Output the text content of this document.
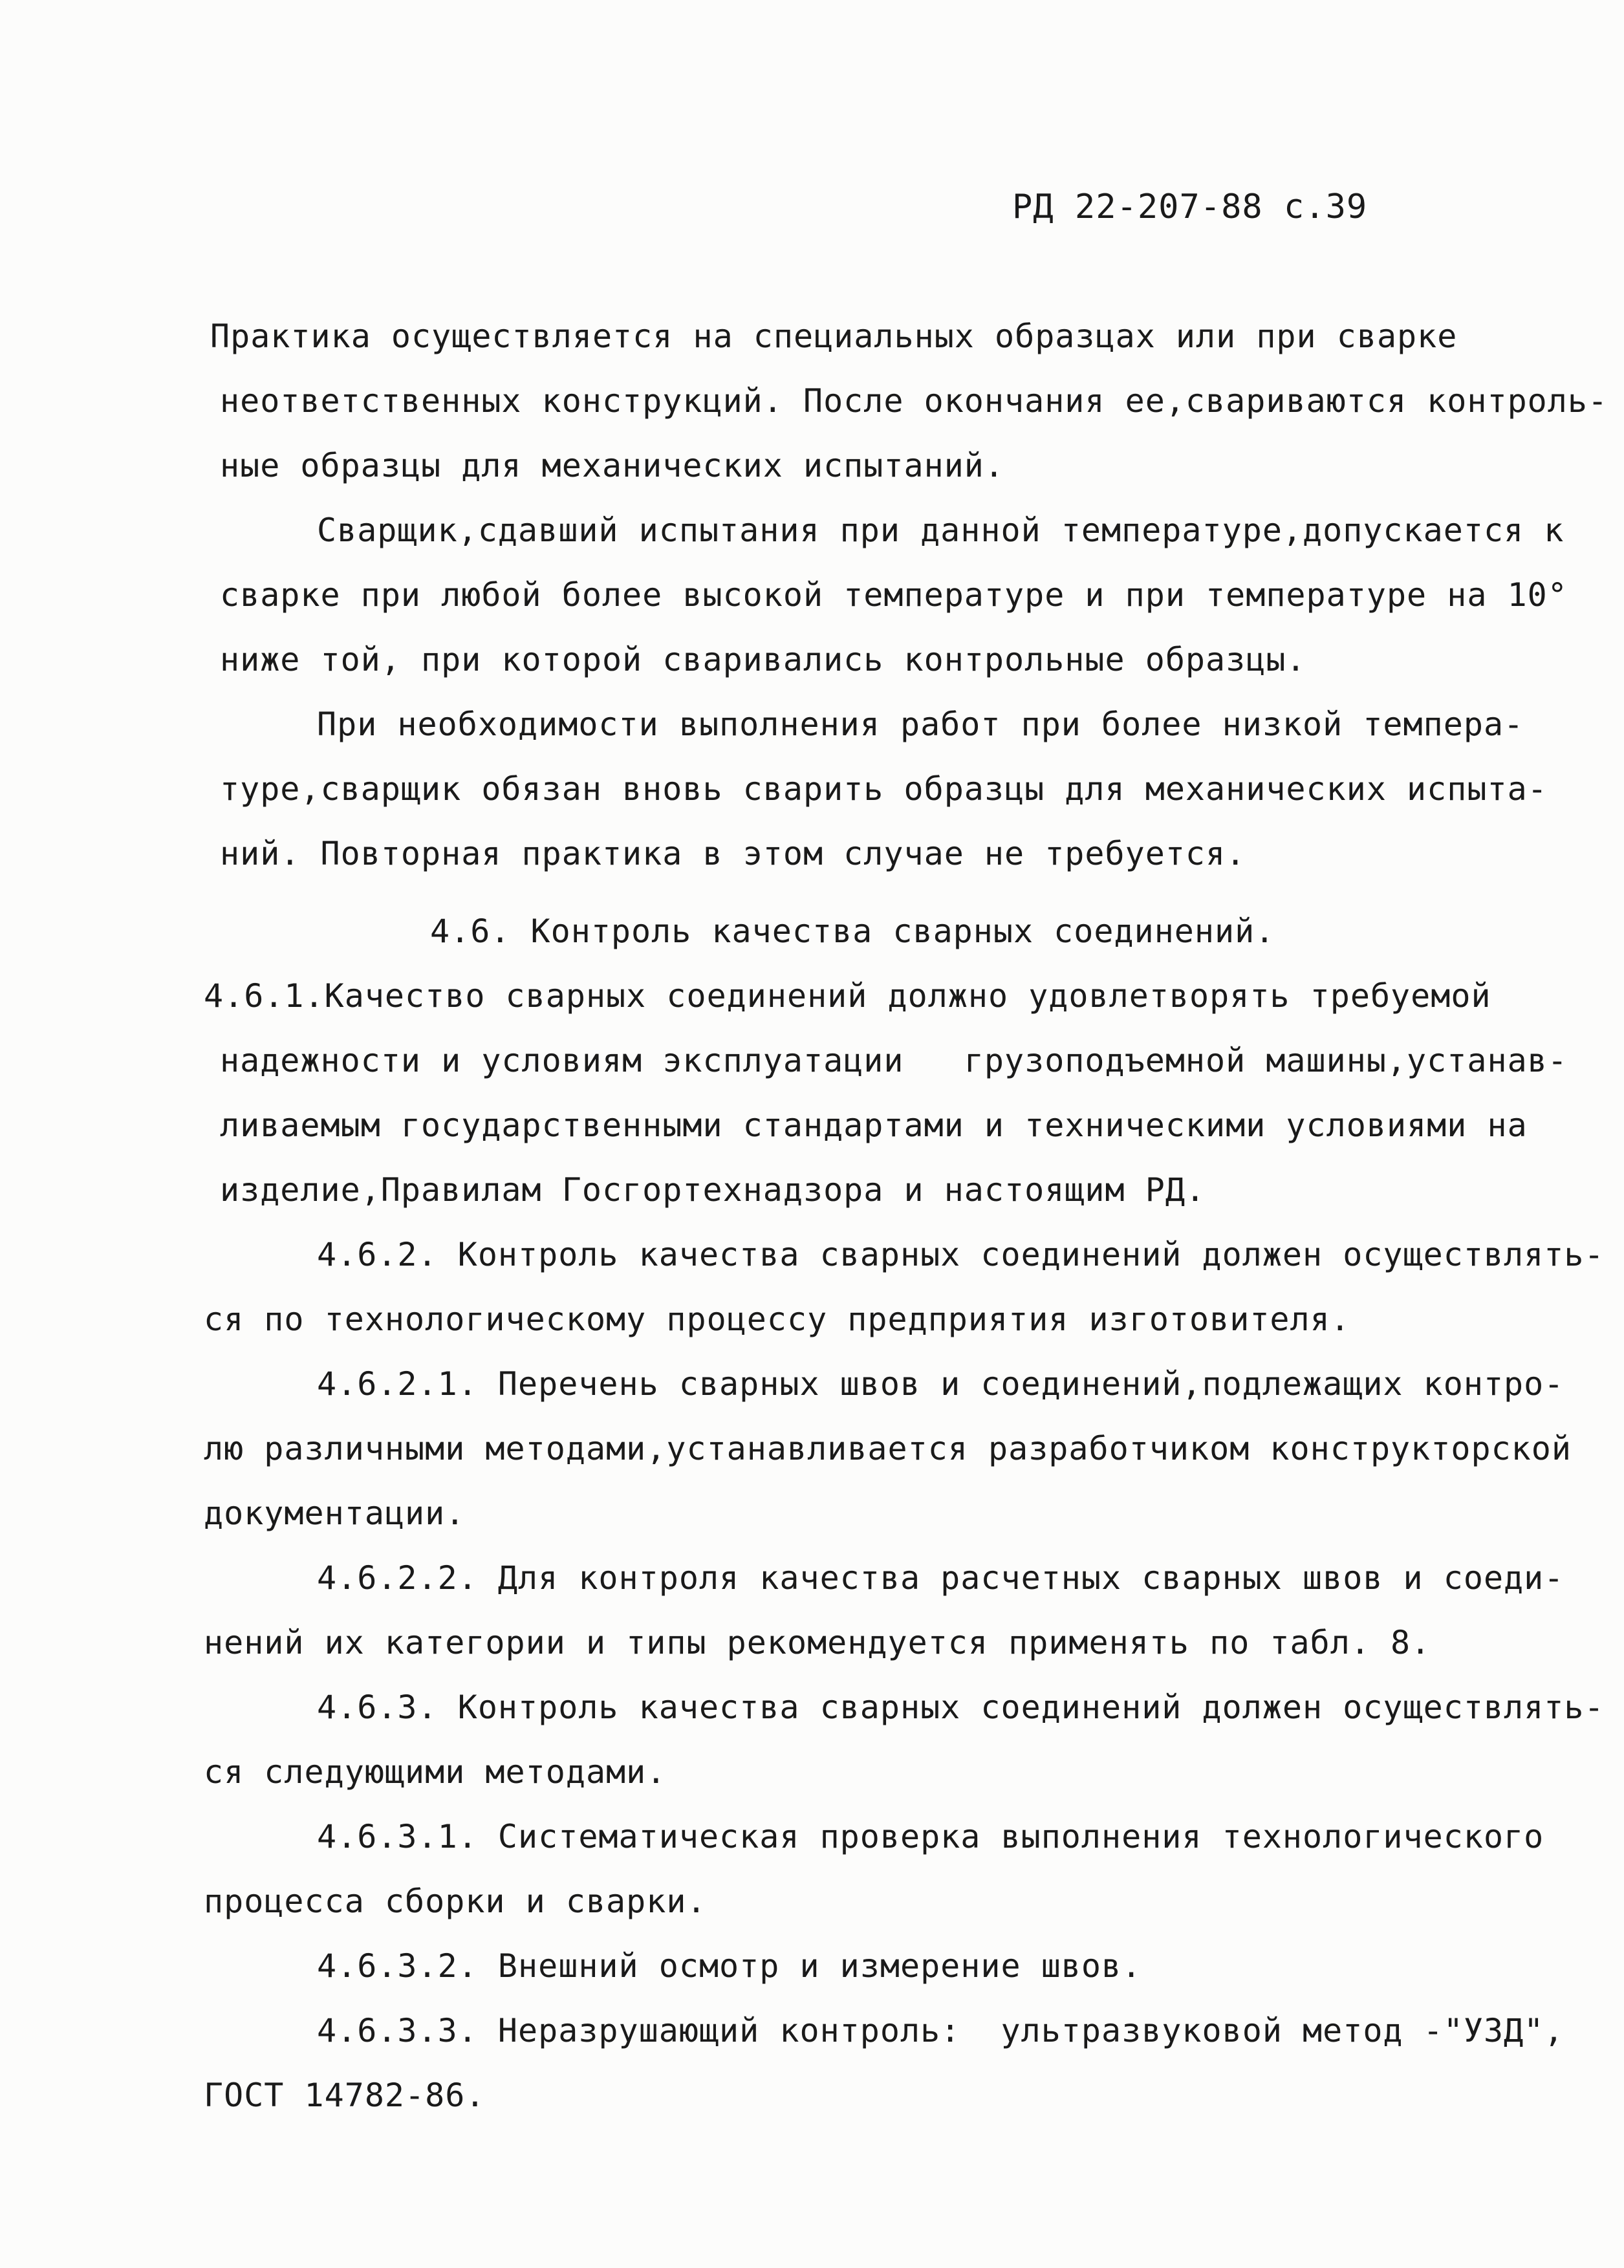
РД 22-207-88 с.39
Практика осуществляется на специальных образцах или при сварке
неответственных конструкций. После окончания ее,свариваются контроль-
ные образцы для механических испытаний.
Сварщик,сдавший испытания при данной температуре,допускается к
сварке при любой более высокой температуре и при температуре на 10°
ниже той, при которой сваривались контрольные образцы.
При необходимости выполнения работ при более низкой темпера-
туре,сварщик обязан вновь сварить образцы для механических испыта-
ний. Повторная практика в этом случае не требуется.
4.6. Контроль качества сварных соединений.
4.6.1.Качество сварных соединений должно удовлетворять требуемой
надежности и условиям эксплуатации   грузоподъемной машины,устанав-
ливаемым государственными стандартами и техническими условиями на
изделие,Правилам Госгортехнадзора и настоящим РД.
4.6.2. Контроль качества сварных соединений должен осуществлять-
ся по технологическому процессу предприятия изготовителя.
4.6.2.1. Перечень сварных швов и соединений,подлежащих контро-
лю различными методами,устанавливается разработчиком конструкторской
документации.
4.6.2.2. Для контроля качества расчетных сварных швов и соеди-
нений их категории и типы рекомендуется применять по табл. 8.
4.6.3. Контроль качества сварных соединений должен осуществлять-
ся следующими методами.
4.6.3.1. Систематическая проверка выполнения технологического
процесса сборки и сварки.
4.6.3.2. Внешний осмотр и измерение швов.
4.6.3.3. Неразрушающий контроль:  ультразвуковой метод -"УЗД",
ГОСТ 14782-86.
